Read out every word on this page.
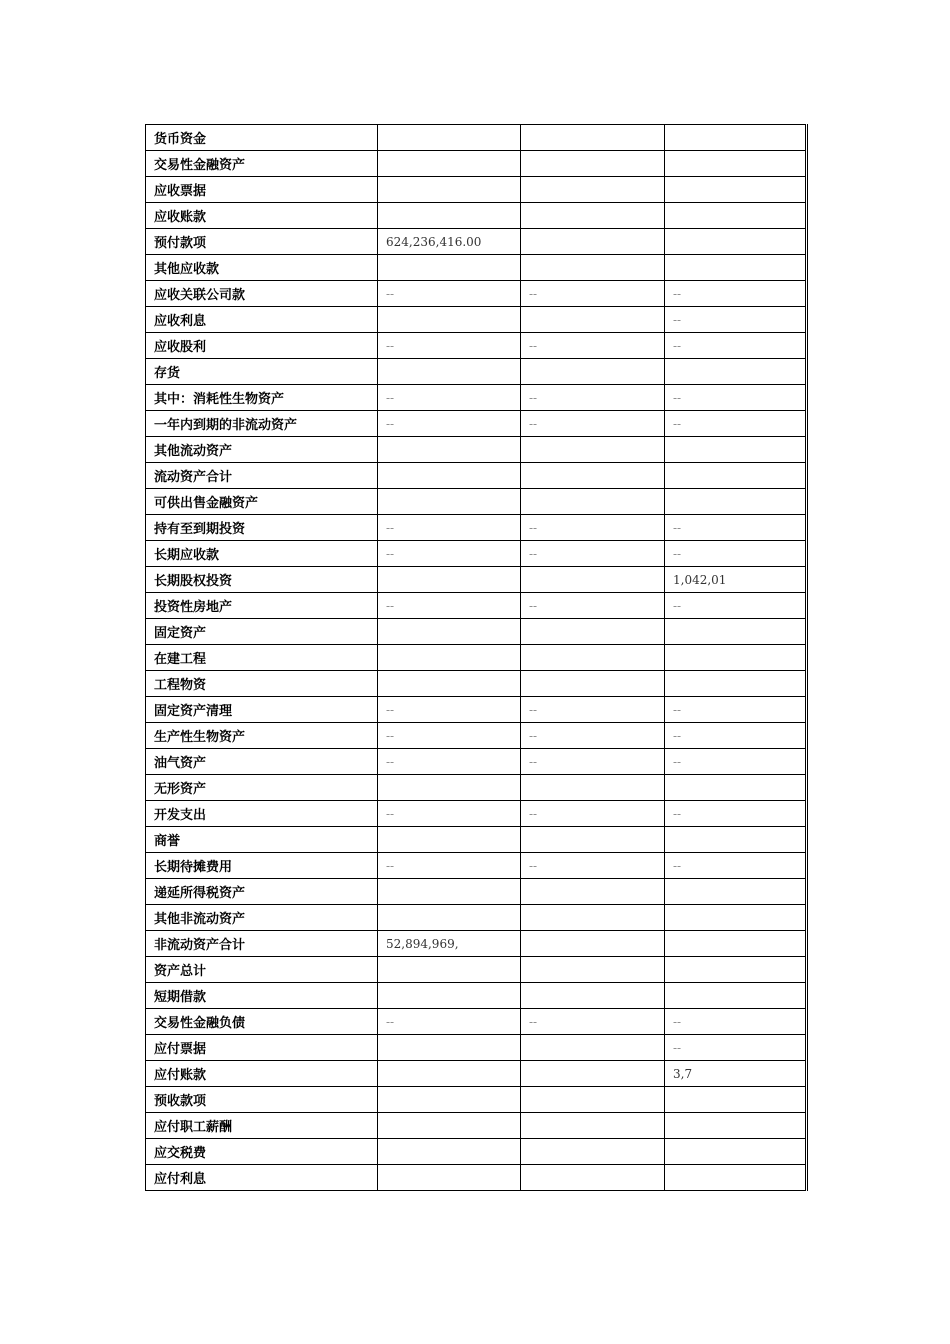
货币资金			
交易性金融资产			
应收票据			
应收账款			
预付款项	624,236,416.00		
其他应收款			
应收关联公司款	--	--	--
应收利息			--
应收股利	--	--	--
存货			
其中：消耗性生物资产	--	--	--
一年内到期的非流动资产	--	--	--
其他流动资产			
流动资产合计			
可供出售金融资产			
持有至到期投资	--	--	--
长期应收款	--	--	--
长期股权投资			1,042,01
投资性房地产	--	--	--
固定资产			
在建工程			
工程物资			
固定资产清理	--	--	--
生产性生物资产	--	--	--
油气资产	--	--	--
无形资产			
开发支出	--	--	--
商誉			
长期待摊费用	--	--	--
递延所得税资产			
其他非流动资产			
非流动资产合计	52,894,969,		
资产总计			
短期借款			
交易性金融负债	--	--	--
应付票据			--
应付账款			3,7
预收款项			
应付职工薪酬			
应交税费			
应付利息			
